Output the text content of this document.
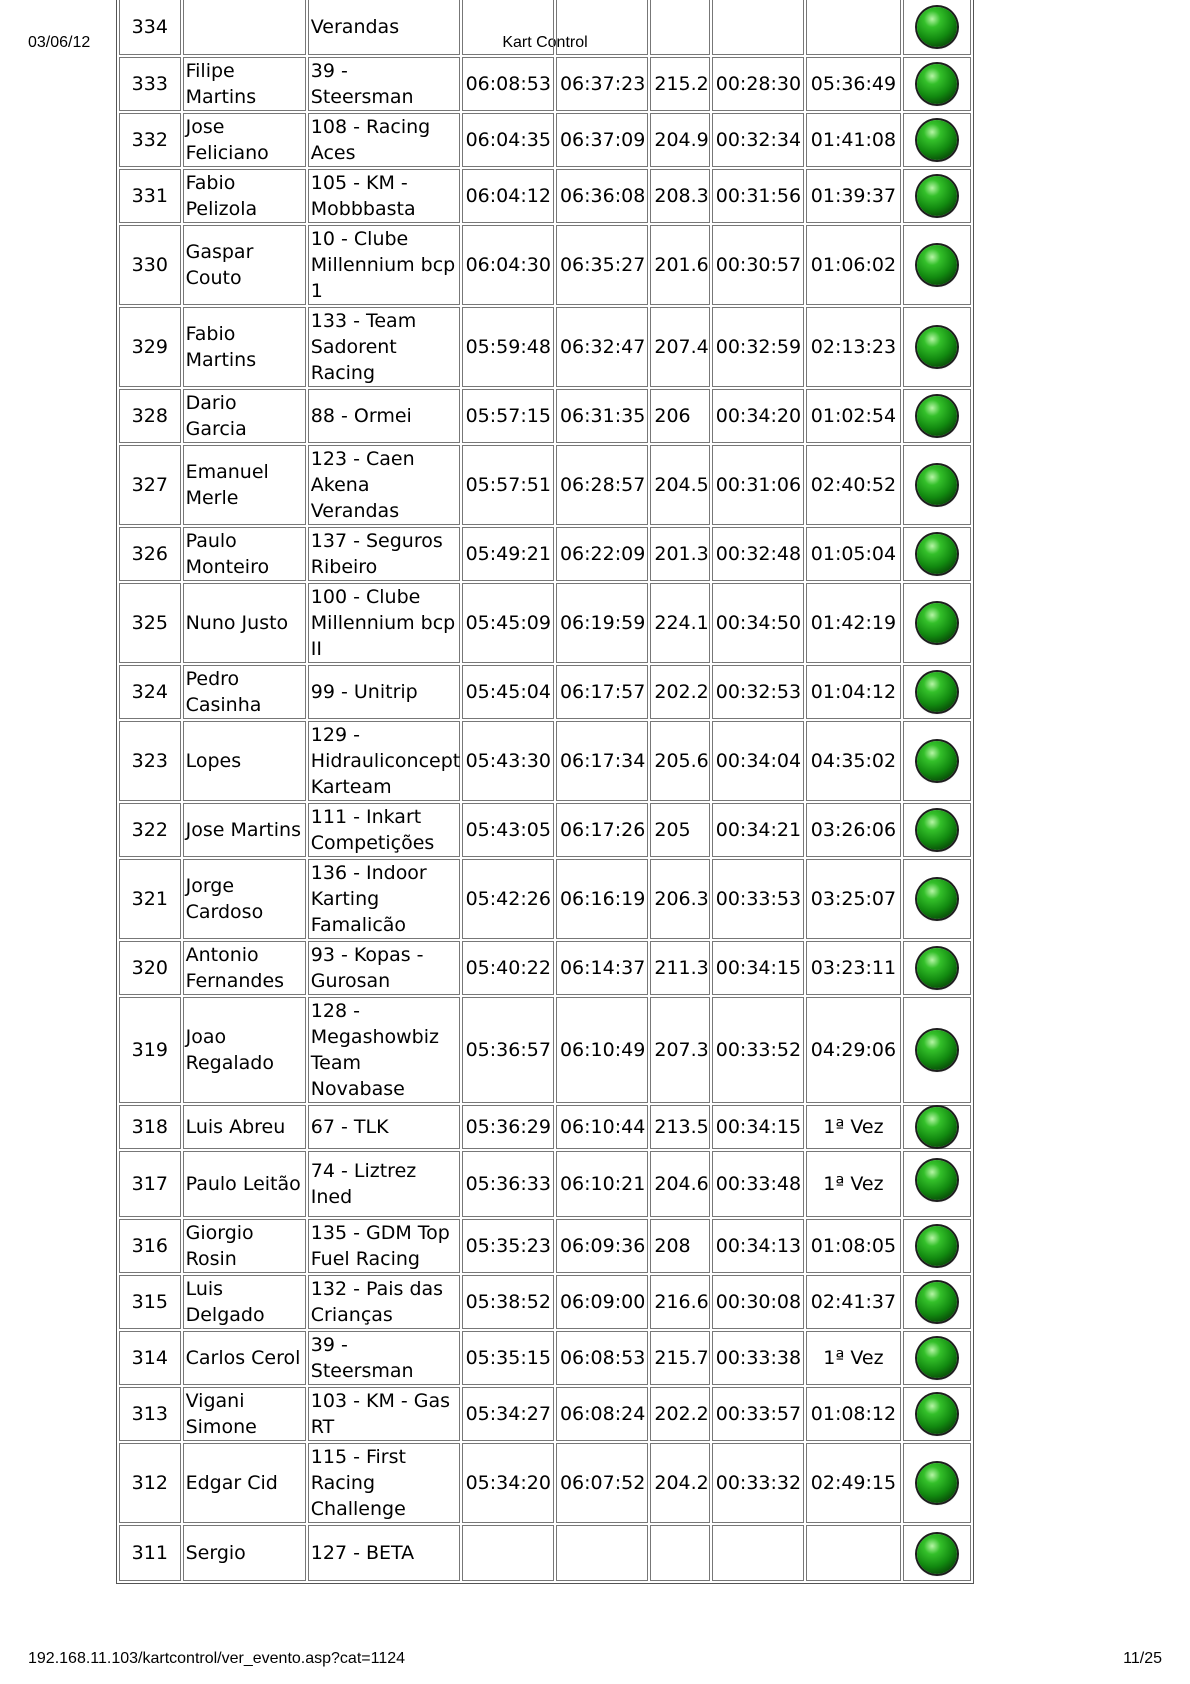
03/06/12	Kart Control
334		Verandas						

333	Filipe Martins	39 - Steersman	06:08:53	06:37:23	215.2	00:28:30	05:36:49	

332	Jose Feliciano	108 - Racing Aces	06:04:35	06:37:09	204.9	00:32:34	01:41:08	

331	Fabio Pelizola	105 - KM - Mobbbasta	06:04:12	06:36:08	208.3	00:31:56	01:39:37	

330	Gaspar Couto	10 - Clube Millennium bcp 1	06:04:30	06:35:27	201.6	00:30:57	01:06:02	

329	Fabio Martins	133 - Team Sadorent Racing	05:59:48	06:32:47	207.4	00:32:59	02:13:23	

328	Dario Garcia	88 - Ormei	05:57:15	06:31:35	206	00:34:20	01:02:54	

327	Emanuel Merle	123 - Caen Akena Verandas	05:57:51	06:28:57	204.5	00:31:06	02:40:52	

326	Paulo Monteiro	137 - Seguros Ribeiro	05:49:21	06:22:09	201.3	00:32:48	01:05:04	

325	Nuno Justo	100 - Clube Millennium bcp II	05:45:09	06:19:59	224.1	00:34:50	01:42:19	

324	Pedro Casinha	99 - Unitrip	05:45:04	06:17:57	202.2	00:32:53	01:04:12	

323	Lopes	129 - Hidrauliconcept Karteam	05:43:30	06:17:34	205.6	00:34:04	04:35:02	

322	Jose Martins	111 - Inkart Competições	05:43:05	06:17:26	205	00:34:21	03:26:06	

321	Jorge Cardoso	136 - Indoor Karting Famalicão	05:42:26	06:16:19	206.3	00:33:53	03:25:07	

320	Antonio Fernandes	93 - Kopas - Gurosan	05:40:22	06:14:37	211.3	00:34:15	03:23:11	

319	Joao Regalado	128 - Megashowbiz Team Novabase	05:36:57	06:10:49	207.3	00:33:52	04:29:06	

318	Luis Abreu	67 - TLK	05:36:29	06:10:44	213.5	00:34:15	1ª Vez	

317	Paulo Leitão	74 - Liztrez Ined	05:36:33	06:10:21	204.6	00:33:48	1ª Vez	

316	Giorgio Rosin	135 - GDM Top Fuel Racing	05:35:23	06:09:36	208	00:34:13	01:08:05	

315	Luis Delgado	132 - Pais das Crianças	05:38:52	06:09:00	216.6	00:30:08	02:41:37	

314	Carlos Cerol	39 - Steersman	05:35:15	06:08:53	215.7	00:33:38	1ª Vez	

313	Vigani Simone	103 - KM - Gas RT	05:34:27	06:08:24	202.2	00:33:57	01:08:12	

312	Edgar Cid	115 - First Racing Challenge	05:34:20	06:07:52	204.2	00:33:32	02:49:15	

311	Sergio	127 - BETA						
192.168.11.103/kartcontrol/ver_evento.asp?cat=1124	11/25
